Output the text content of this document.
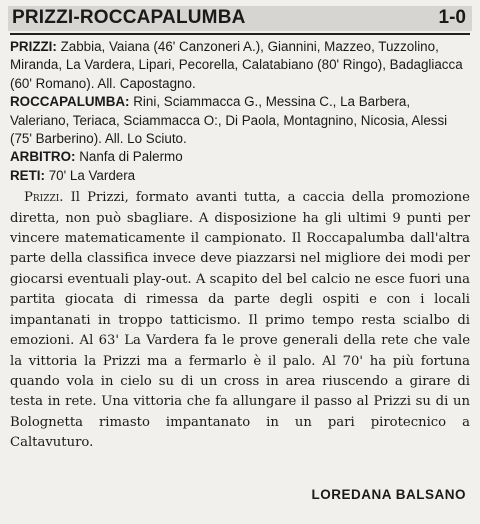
PRIZZI-ROCCAPALUMBA	1-0

PRIZZI: Zabbia, Vaiana (46' Canzoneri A.), Giannini, Mazzeo, Tuzzolino, Miranda, La Vardera, Lipari, Pecorella, Calatabiano (80' Ringo), Badagliacca (60' Romano). All. Capostagno.

ROCCAPALUMBA: Rini, Sciammacca G., Messina C., La Barbera, Valeriano, Teriaca, Sciammacca O:, Di Paola, Montagnino, Nicosia, Alessi (75' Barberino). All. Lo Sciuto.

ARBITRO: Nanfa di Palermo

RETI: 70' La Vardera

Prizzi. Il Prizzi, formato avanti tutta, a caccia della promozione diretta, non può sbagliare. A disposizione ha gli ultimi 9 punti per vincere matematicamente il campionato. Il Roccapalumba dall'altra parte della classifica invece deve piazzarsi nel migliore dei modi per giocarsi eventuali play-out. A scapito del bel calcio ne esce fuori una partita giocata di rimessa da parte degli ospiti e con i locali impantanati in troppo tatticismo. Il primo tempo resta scialbo di emozioni. Al 63' La Vardera fa le prove generali della rete che vale la vittoria la Prizzi ma a fermarlo è il palo. Al 70' ha più fortuna quando vola in cielo su di un cross in area riuscendo a girare di testa in rete. Una vittoria che fa allungare il passo al Prizzi su di un Bolognetta rimasto impantanato in un pari pirotecnico a Caltavuturo.

LOREDANA BALSANO
